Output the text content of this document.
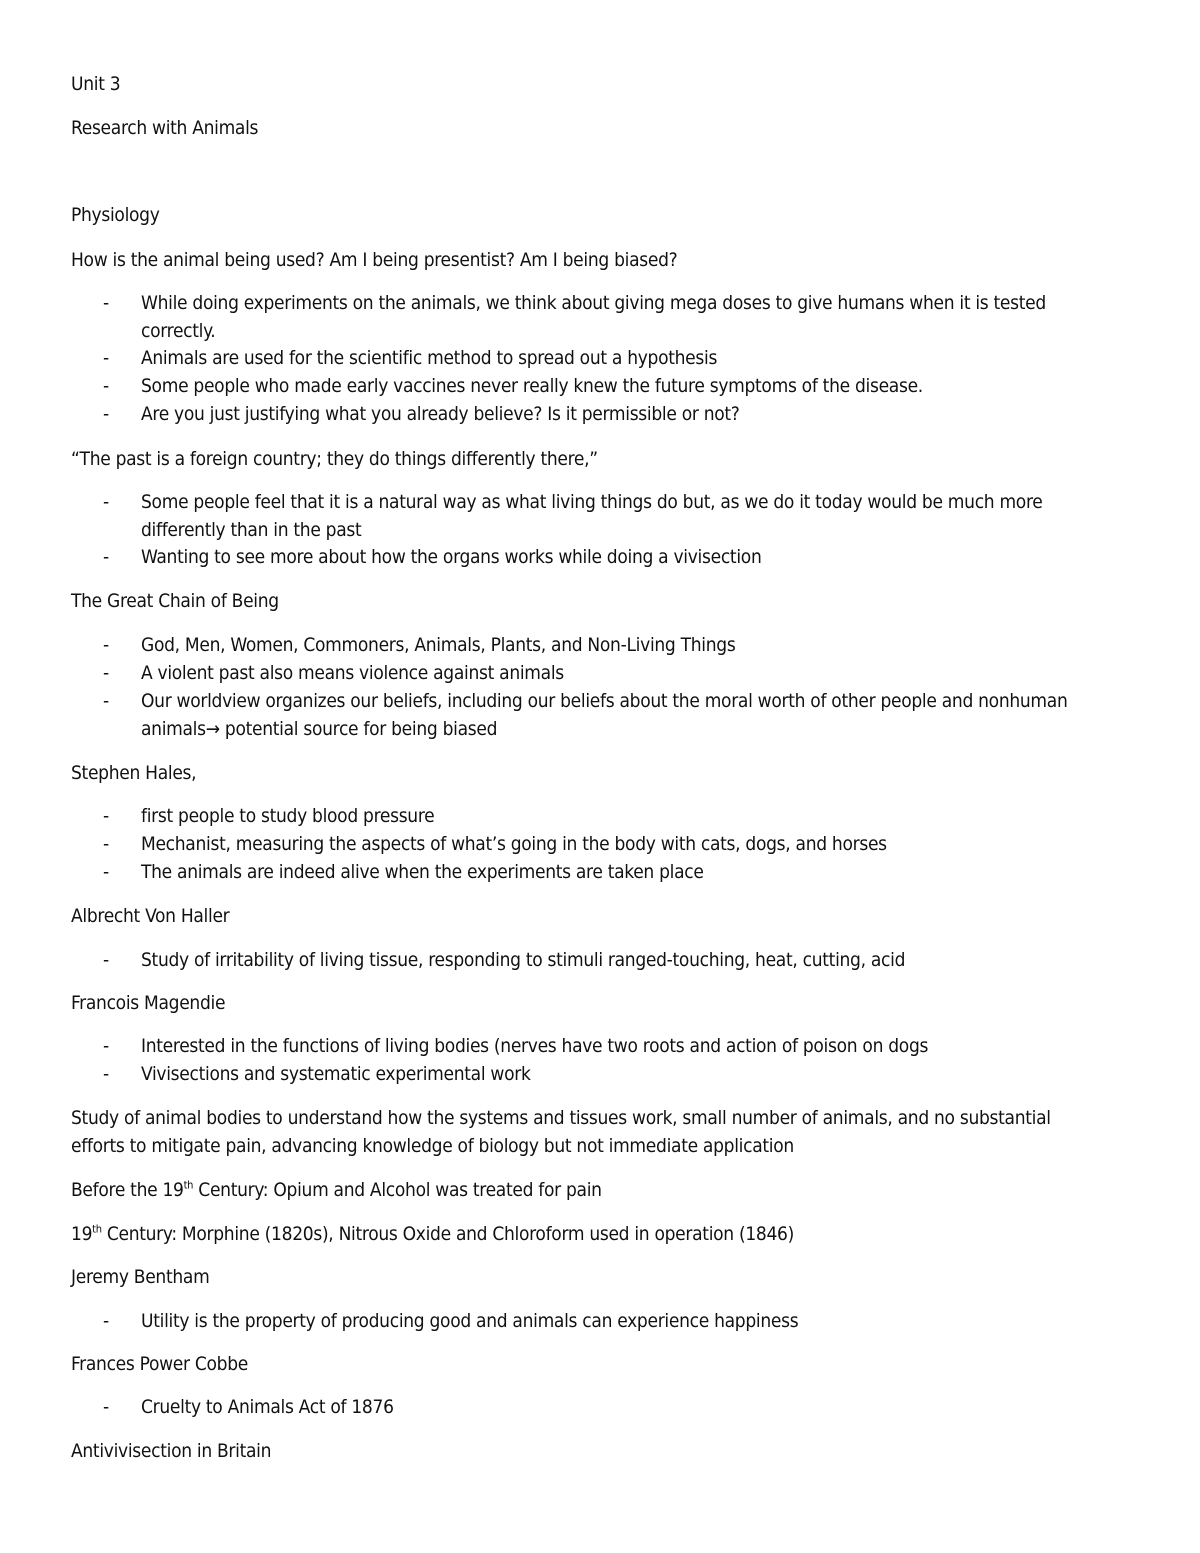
Unit 3
Research with Animals
Physiology
How is the animal being used? Am I being presentist? Am I being biased?
- While doing experiments on the animals, we think about giving mega doses to give humans when it is tested correctly.
- Animals are used for the scientific method to spread out a hypothesis
- Some people who made early vaccines never really knew the future symptoms of the disease.
- Are you just justifying what you already believe? Is it permissible or not?
“The past is a foreign country; they do things differently there,”
- Some people feel that it is a natural way as what living things do but, as we do it today would be much more differently than in the past
- Wanting to see more about how the organs works while doing a vivisection
The Great Chain of Being
- God, Men, Women, Commoners, Animals, Plants, and Non-Living Things
- A violent past also means violence against animals
- Our worldview organizes our beliefs, including our beliefs about the moral worth of other people and nonhuman animals→ potential source for being biased
Stephen Hales,
- first people to study blood pressure
- Mechanist, measuring the aspects of what’s going in the body with cats, dogs, and horses
- The animals are indeed alive when the experiments are taken place
Albrecht Von Haller
- Study of irritability of living tissue, responding to stimuli ranged-touching, heat, cutting, acid
Francois Magendie
- Interested in the functions of living bodies (nerves have two roots and action of poison on dogs
- Vivisections and systematic experimental work
Study of animal bodies to understand how the systems and tissues work, small number of animals, and no substantial efforts to mitigate pain, advancing knowledge of biology but not immediate application
Before the 19th Century: Opium and Alcohol was treated for pain
19th Century: Morphine (1820s), Nitrous Oxide and Chloroform used in operation (1846)
Jeremy Bentham
- Utility is the property of producing good and animals can experience happiness
Frances Power Cobbe
- Cruelty to Animals Act of 1876
Antivivisection in Britain
